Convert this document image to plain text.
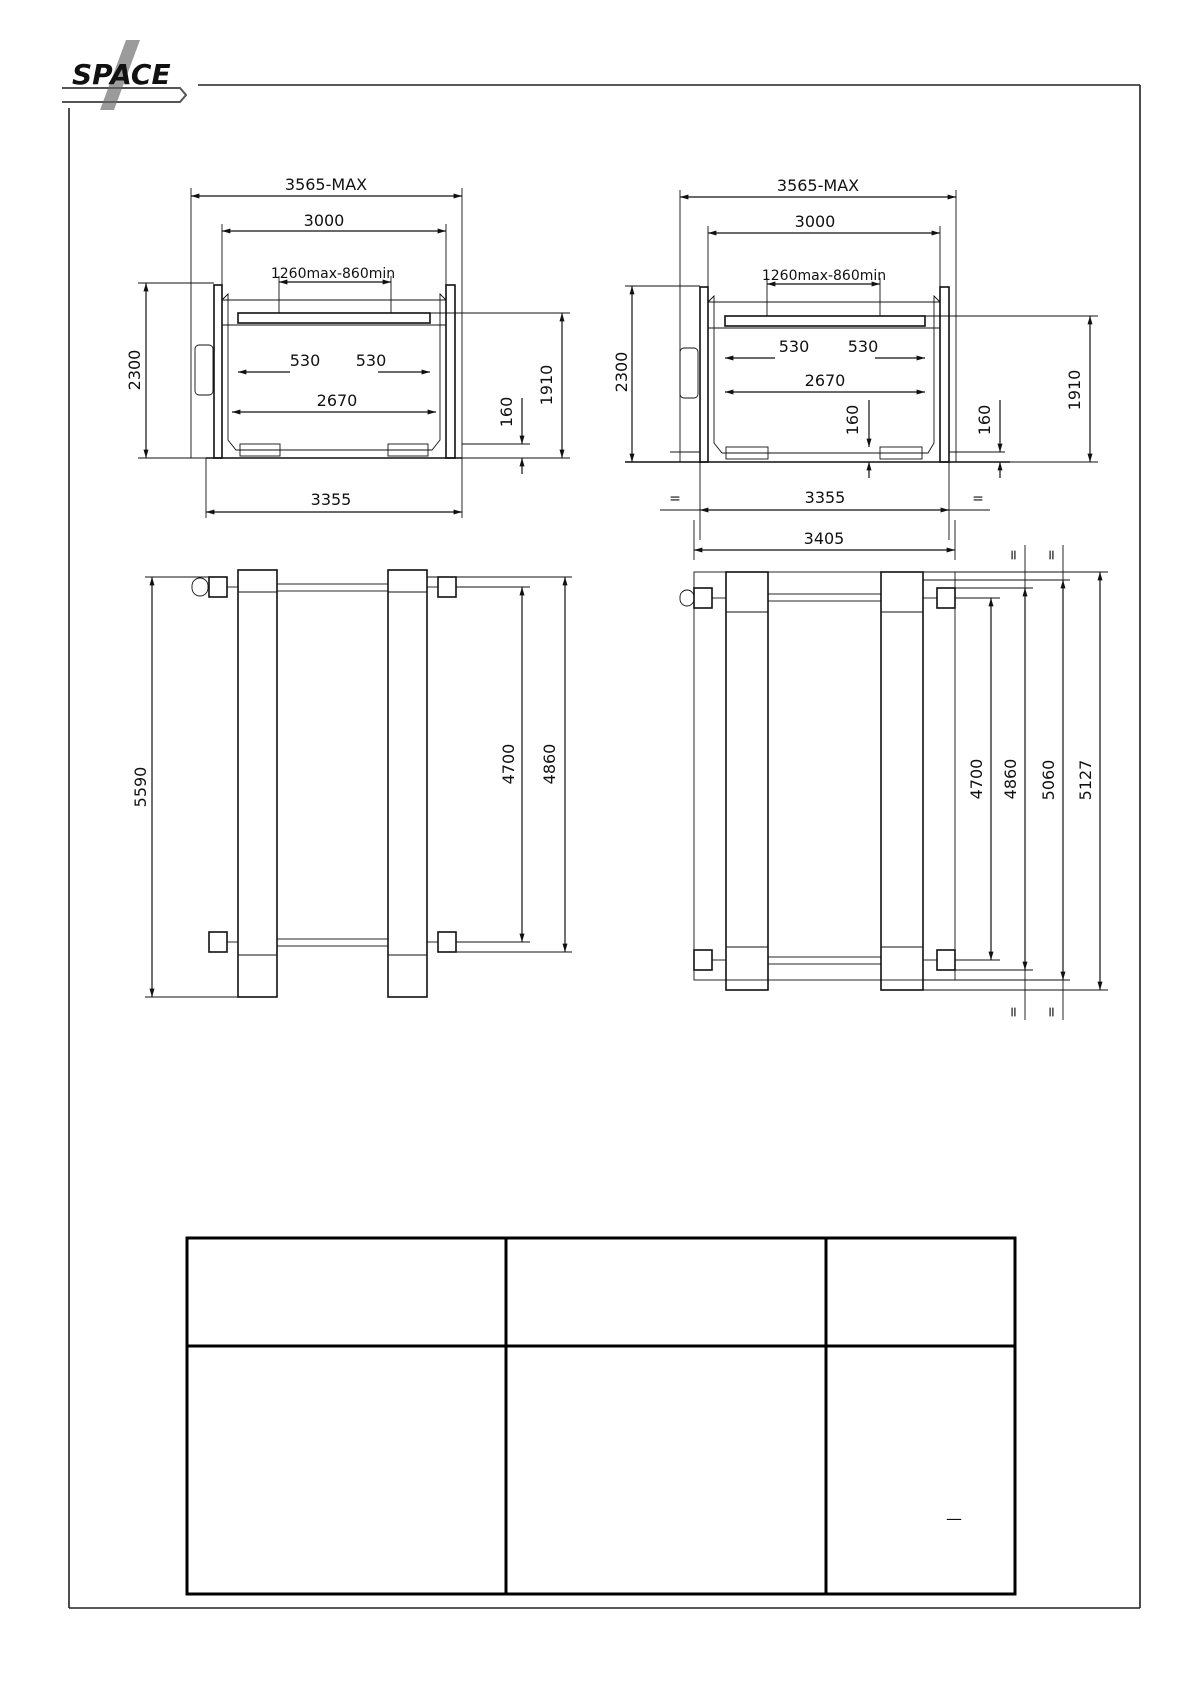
SPACE
3565-MAX
3000
1260max-860min
530 530
2670
2300	1910
160
3355
3565-MAX
3000
1260max-860min
530 530
2670
2300	1910
160	160
3355
=	=
3405
5590
4700 4860	4700 4860 5060 5127
= =
= =
—
